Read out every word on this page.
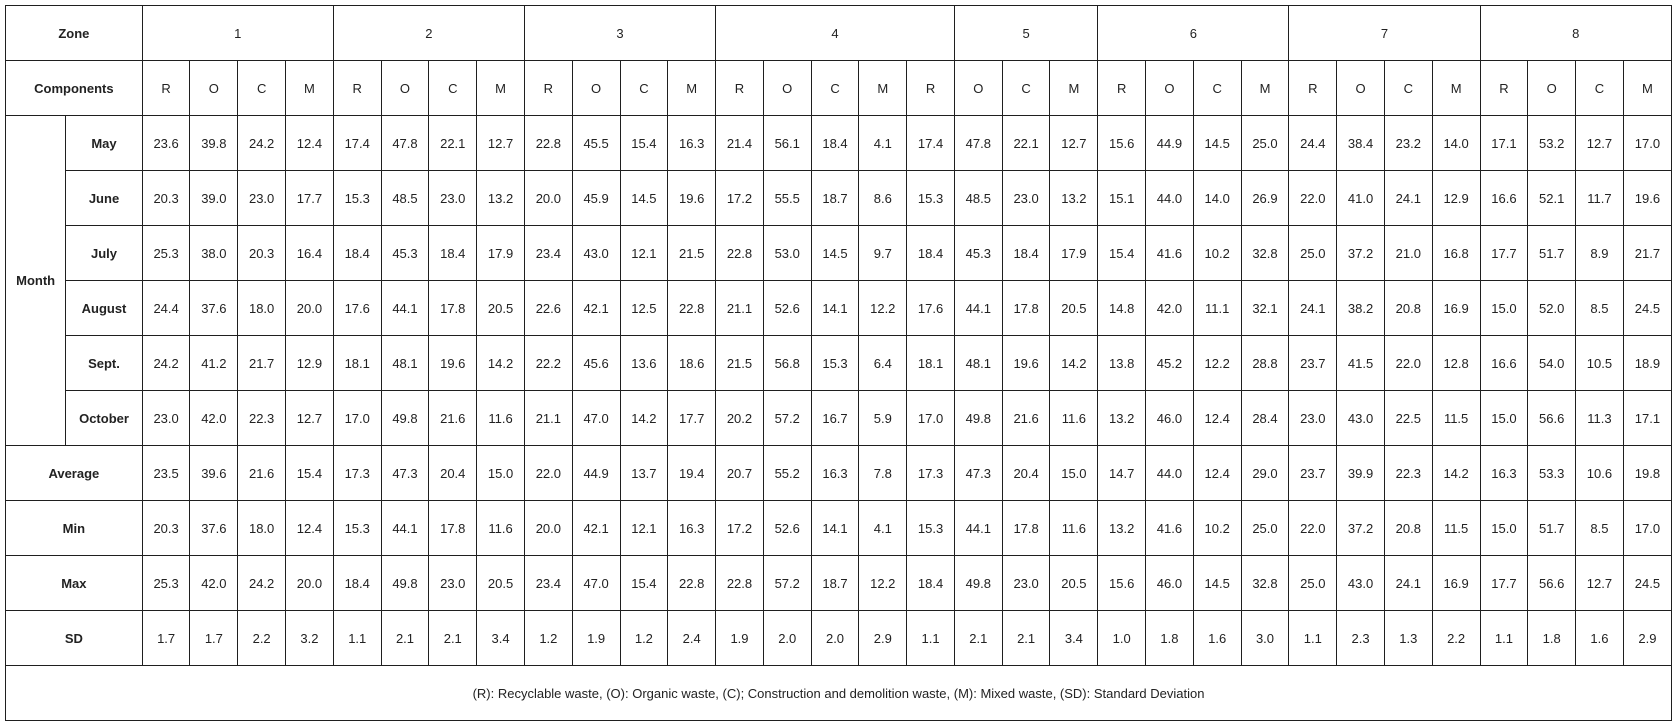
Zone		1				2				3				4					5			6				7				8			
Components		R	O	C	M	R	O	C	M	R	O	C	M	R	O	C	M	R	O	C	M	R	O	C	M	R	O	C	M	R	O	C	M
Month	May	23.6	39.8	24.2	12.4	17.4	47.8	22.1	12.7	22.8	45.5	15.4	16.3	21.4	56.1	18.4	4.1	17.4	47.8	22.1	12.7	15.6	44.9	14.5	25.0	24.4	38.4	23.2	14.0	17.1	53.2	12.7	17.0
	June	20.3	39.0	23.0	17.7	15.3	48.5	23.0	13.2	20.0	45.9	14.5	19.6	17.2	55.5	18.7	8.6	15.3	48.5	23.0	13.2	15.1	44.0	14.0	26.9	22.0	41.0	24.1	12.9	16.6	52.1	11.7	19.6
	July	25.3	38.0	20.3	16.4	18.4	45.3	18.4	17.9	23.4	43.0	12.1	21.5	22.8	53.0	14.5	9.7	18.4	45.3	18.4	17.9	15.4	41.6	10.2	32.8	25.0	37.2	21.0	16.8	17.7	51.7	8.9	21.7
	August	24.4	37.6	18.0	20.0	17.6	44.1	17.8	20.5	22.6	42.1	12.5	22.8	21.1	52.6	14.1	12.2	17.6	44.1	17.8	20.5	14.8	42.0	11.1	32.1	24.1	38.2	20.8	16.9	15.0	52.0	8.5	24.5
	Sept.	24.2	41.2	21.7	12.9	18.1	48.1	19.6	14.2	22.2	45.6	13.6	18.6	21.5	56.8	15.3	6.4	18.1	48.1	19.6	14.2	13.8	45.2	12.2	28.8	23.7	41.5	22.0	12.8	16.6	54.0	10.5	18.9
	October	23.0	42.0	22.3	12.7	17.0	49.8	21.6	11.6	21.1	47.0	14.2	17.7	20.2	57.2	16.7	5.9	17.0	49.8	21.6	11.6	13.2	46.0	12.4	28.4	23.0	43.0	22.5	11.5	15.0	56.6	11.3	17.1
Average		23.5	39.6	21.6	15.4	17.3	47.3	20.4	15.0	22.0	44.9	13.7	19.4	20.7	55.2	16.3	7.8	17.3	47.3	20.4	15.0	14.7	44.0	12.4	29.0	23.7	39.9	22.3	14.2	16.3	53.3	10.6	19.8
Min		20.3	37.6	18.0	12.4	15.3	44.1	17.8	11.6	20.0	42.1	12.1	16.3	17.2	52.6	14.1	4.1	15.3	44.1	17.8	11.6	13.2	41.6	10.2	25.0	22.0	37.2	20.8	11.5	15.0	51.7	8.5	17.0
Max		25.3	42.0	24.2	20.0	18.4	49.8	23.0	20.5	23.4	47.0	15.4	22.8	22.8	57.2	18.7	12.2	18.4	49.8	23.0	20.5	15.6	46.0	14.5	32.8	25.0	43.0	24.1	16.9	17.7	56.6	12.7	24.5
SD		1.7	1.7	2.2	3.2	1.1	2.1	2.1	3.4	1.2	1.9	1.2	2.4	1.9	2.0	2.0	2.9	1.1	2.1	2.1	3.4	1.0	1.8	1.6	3.0	1.1	2.3	1.3	2.2	1.1	1.8	1.6	2.9
(R): Recyclable waste, (O): Organic waste, (C); Construction and demolition waste, (M): Mixed waste, (SD): Standard Deviation																																	
